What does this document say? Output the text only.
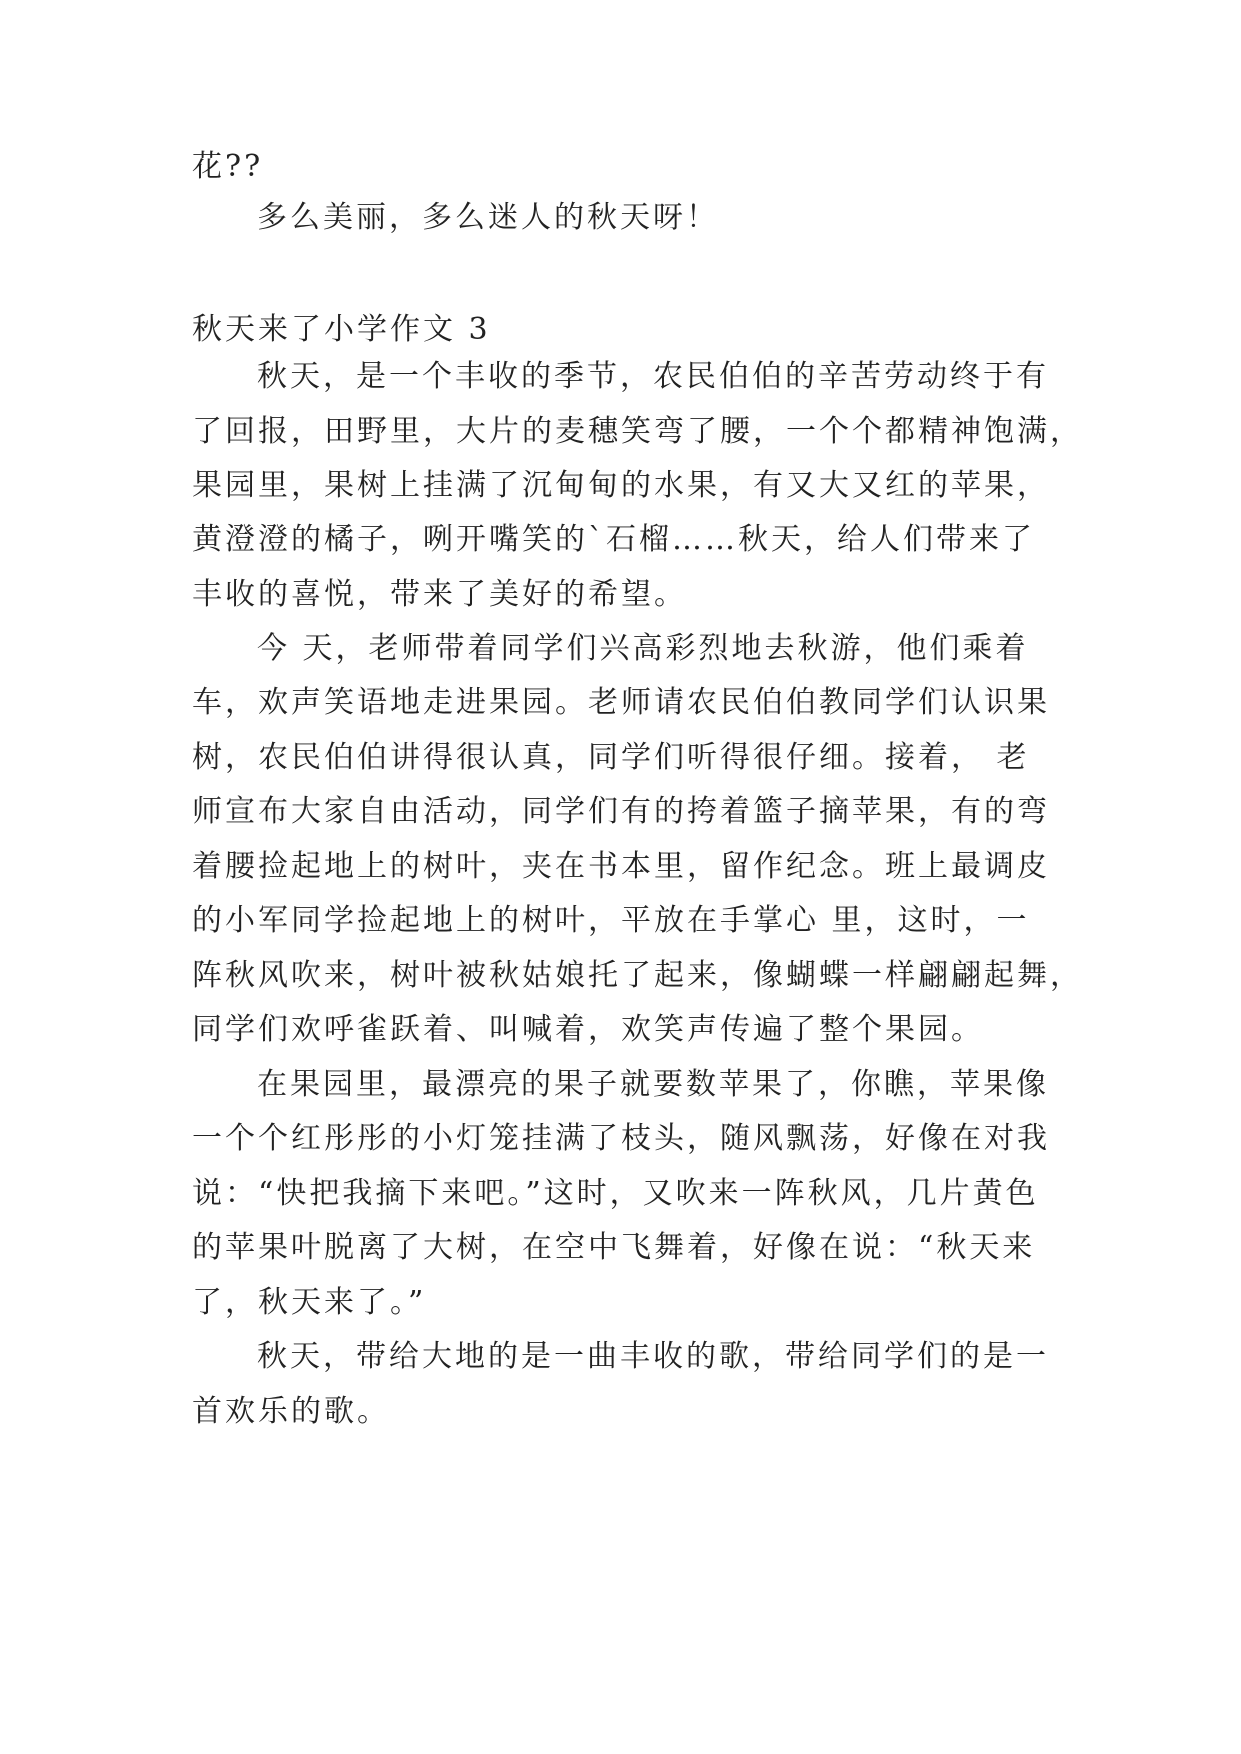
花??
多么美丽，多么迷人的秋天呀！
秋天来了小学作文 3
秋天，是一个丰收的季节，农民伯伯的辛苦劳动终于有
了回报，田野里，大片的麦穗笑弯了腰，一个个都精神饱满，
果园里，果树上挂满了沉甸甸的水果，有又大又红的苹果，
黄澄澄的橘子，咧开嘴笑的`石榴……秋天，给人们带来了
丰收的喜悦，带来了美好的希望。
今 天，老师带着同学们兴高彩烈地去秋游，他们乘着
车，欢声笑语地走进果园。老师请农民伯伯教同学们认识果
树，农民伯伯讲得很认真，同学们听得很仔细。接着， 老
师宣布大家自由活动，同学们有的挎着篮子摘苹果，有的弯
着腰捡起地上的树叶，夹在书本里，留作纪念。班上最调皮
的小军同学捡起地上的树叶，平放在手掌心 里，这时，一
阵秋风吹来，树叶被秋姑娘托了起来，像蝴蝶一样翩翩起舞，
同学们欢呼雀跃着、叫喊着，欢笑声传遍了整个果园。
在果园里，最漂亮的果子就要数苹果了，你瞧，苹果像
一个个红彤彤的小灯笼挂满了枝头，随风飘荡，好像在对我
说：“快把我摘下来吧。”这时，又吹来一阵秋风，几片黄色
的苹果叶脱离了大树，在空中飞舞着，好像在说：“秋天来
了，秋天来了。”
秋天，带给大地的是一曲丰收的歌，带给同学们的是一
首欢乐的歌。
